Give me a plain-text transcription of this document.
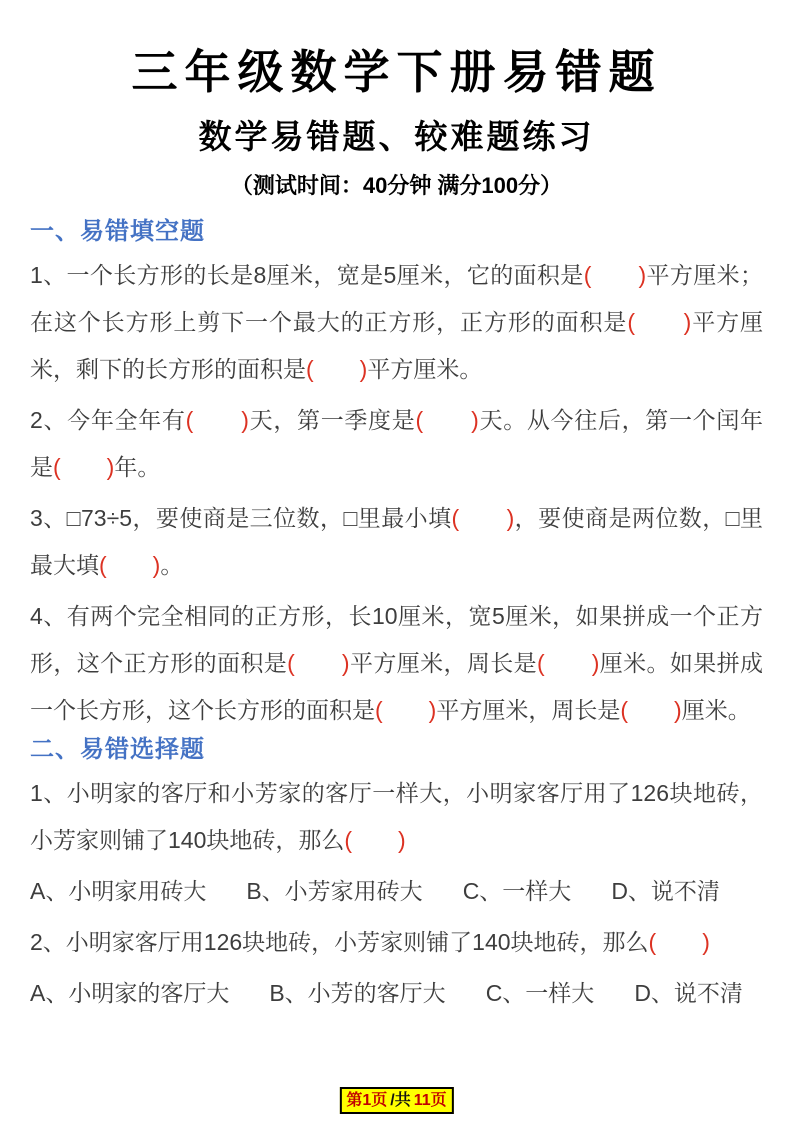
三年级数学下册易错题
数学易错题、较难题练习
（测试时间：40分钟 满分100分）
一、易错填空题

1、一个长方形的长是8厘米，宽是5厘米，它的面积是(　　 )平方厘米；在这个长方形上剪下一个最大的正方形，正方形的面积是(　　 )平方厘米，剩下的长方形的面积是(　　 )平方厘米。

2、今年全年有(　　 )天，第一季度是(　　 )天。从今往后，第一个闰年是(　　 )年。

3、□73÷5，要使商是三位数，□里最小填(　　 )，要使商是两位数，□里最大填(　　 )。

4、有两个完全相同的正方形，长10厘米，宽5厘米，如果拼成一个正方形，这个正方形的面积是(　　 )平方厘米，周长是(　　 )厘米。如果拼成一个长方形，这个长方形的面积是(　　 )平方厘米，周长是(　　 )厘米。

二、易错选择题

1、小明家的客厅和小芳家的客厅一样大，小明家客厅用了126块地砖，小芳家则铺了140块地砖，那么(　　 )

A、小明家用砖大 B、小芳家用砖大 C、一样大 D、说不清

2、小明家客厅用126块地砖，小芳家则铺了140块地砖，那么(　　 )

A、小明家的客厅大 B、小芳的客厅大 C、一样大 D、说不清

第1页 /共 11页
